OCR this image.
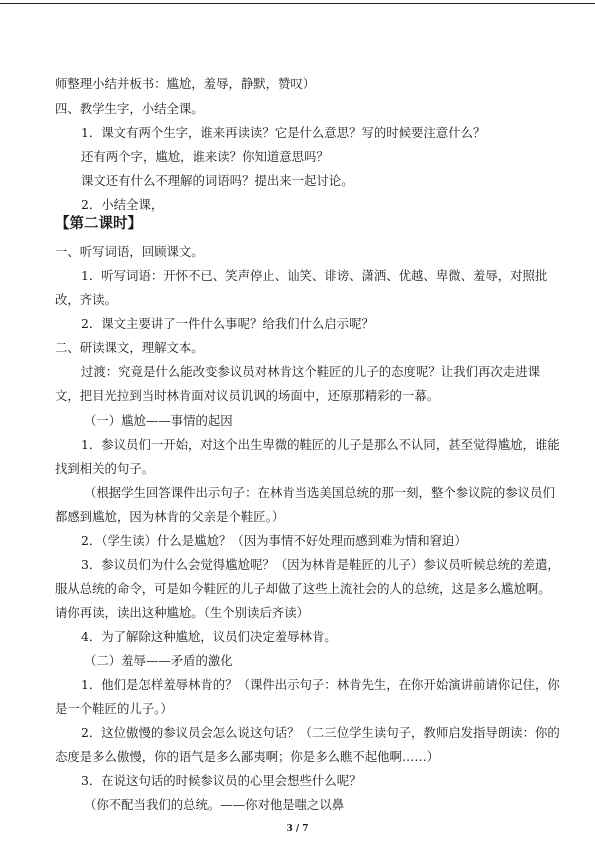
师整理小结并板书：尴尬，羞辱，静默，赞叹）
四、教学生字，小结全课。
1．课文有两个生字，谁来再读读？它是什么意思？写的时候要注意什么？
还有两个字，尴尬，谁来读？你知道意思吗？
课文还有什么不理解的词语吗？提出来一起讨论。
2．小结全课，
【第二课时】
一、听写词语，回顾课文。
1．听写词语：开怀不已、笑声停止、讪笑、诽谤、潇洒、优越、卑微、羞辱，对照批
改，齐读。
2．课文主要讲了一件什么事呢？给我们什么启示呢？
二、研读课文，理解文本。
过渡：究竟是什么能改变参议员对林肯这个鞋匠的儿子的态度呢？让我们再次走进课
文，把目光拉到当时林肯面对议员讥讽的场面中，还原那精彩的一幕。
（一）尴尬——事情的起因
1．参议员们一开始，对这个出生卑微的鞋匠的儿子是那么不认同，甚至觉得尴尬，谁能
找到相关的句子。
（根据学生回答课件出示句子：在林肯当选美国总统的那一刻，整个参议院的参议员们
都感到尴尬，因为林肯的父亲是个鞋匠。）
2．（学生读）什么是尴尬？（因为事情不好处理而感到难为情和窘迫）
3．参议员们为什么会觉得尴尬呢？（因为林肯是鞋匠的儿子）参议员听候总统的差遣，
服从总统的命令，可是如今鞋匠的儿子却做了这些上流社会的人的总统，这是多么尴尬啊。
请你再读，读出这种尴尬。（生个别读后齐读）
4．为了解除这种尴尬，议员们决定羞辱林肯。
（二）羞辱——矛盾的激化
1．他们是怎样羞辱林肯的？（课件出示句子：林肯先生，在你开始演讲前请你记住，你
是一个鞋匠的儿子。）
2．这位傲慢的参议员会怎么说这句话？（二三位学生读句子，教师启发指导朗读：你的
态度是多么傲慢，你的语气是多么鄙夷啊；你是多么瞧不起他啊……）
3．在说这句话的时候参议员的心里会想些什么呢？
（你不配当我们的总统。——你对他是嗤之以鼻
3 / 7
